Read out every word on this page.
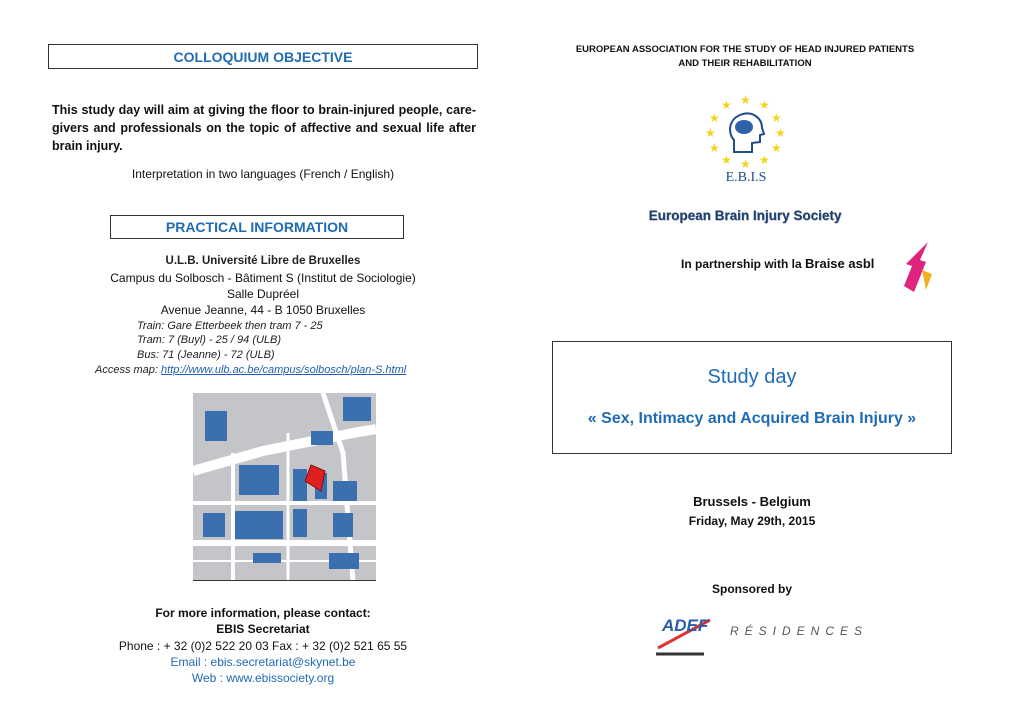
COLLOQUIUM OBJECTIVE
This study day will aim at giving the floor to brain-injured people, care-givers and professionals on the topic of affective and sexual life after brain injury.
Interpretation in two languages (French / English)
PRACTICAL INFORMATION
U.L.B. Université Libre de Bruxelles
Campus du Solbosch - Bâtiment S (Institut de Sociologie)
Salle Dupréel
Avenue Jeanne, 44 - B 1050 Bruxelles
Train: Gare Etterbeek then tram 7 - 25
Tram: 7 (Buyl) - 25 / 94 (ULB)
Bus: 71 (Jeanne) - 72 (ULB)
Access map: http://www.ulb.ac.be/campus/solbosch/plan-S.html
For more information, please contact:
EBIS Secretariat
Phone : + 32 (0)2 522 20 03 Fax : + 32 (0)2 521 65 55
Email : ebis.secretariat@skynet.be
Web : www.ebissociety.org
EUROPEAN ASSOCIATION FOR THE STUDY OF HEAD INJURED PATIENTS
AND THEIR REHABILITATION
★ ★
★
★
★
★
★
★
★
★
★
★
E.B.I.S
European Brain Injury Society
In partnership with la Braise asbl
Study day
« Sex, Intimacy and Acquired Brain Injury »
Brussels - Belgium
Friday, May 29th, 2015
Sponsored by
ADEF RÉSIDENCES
